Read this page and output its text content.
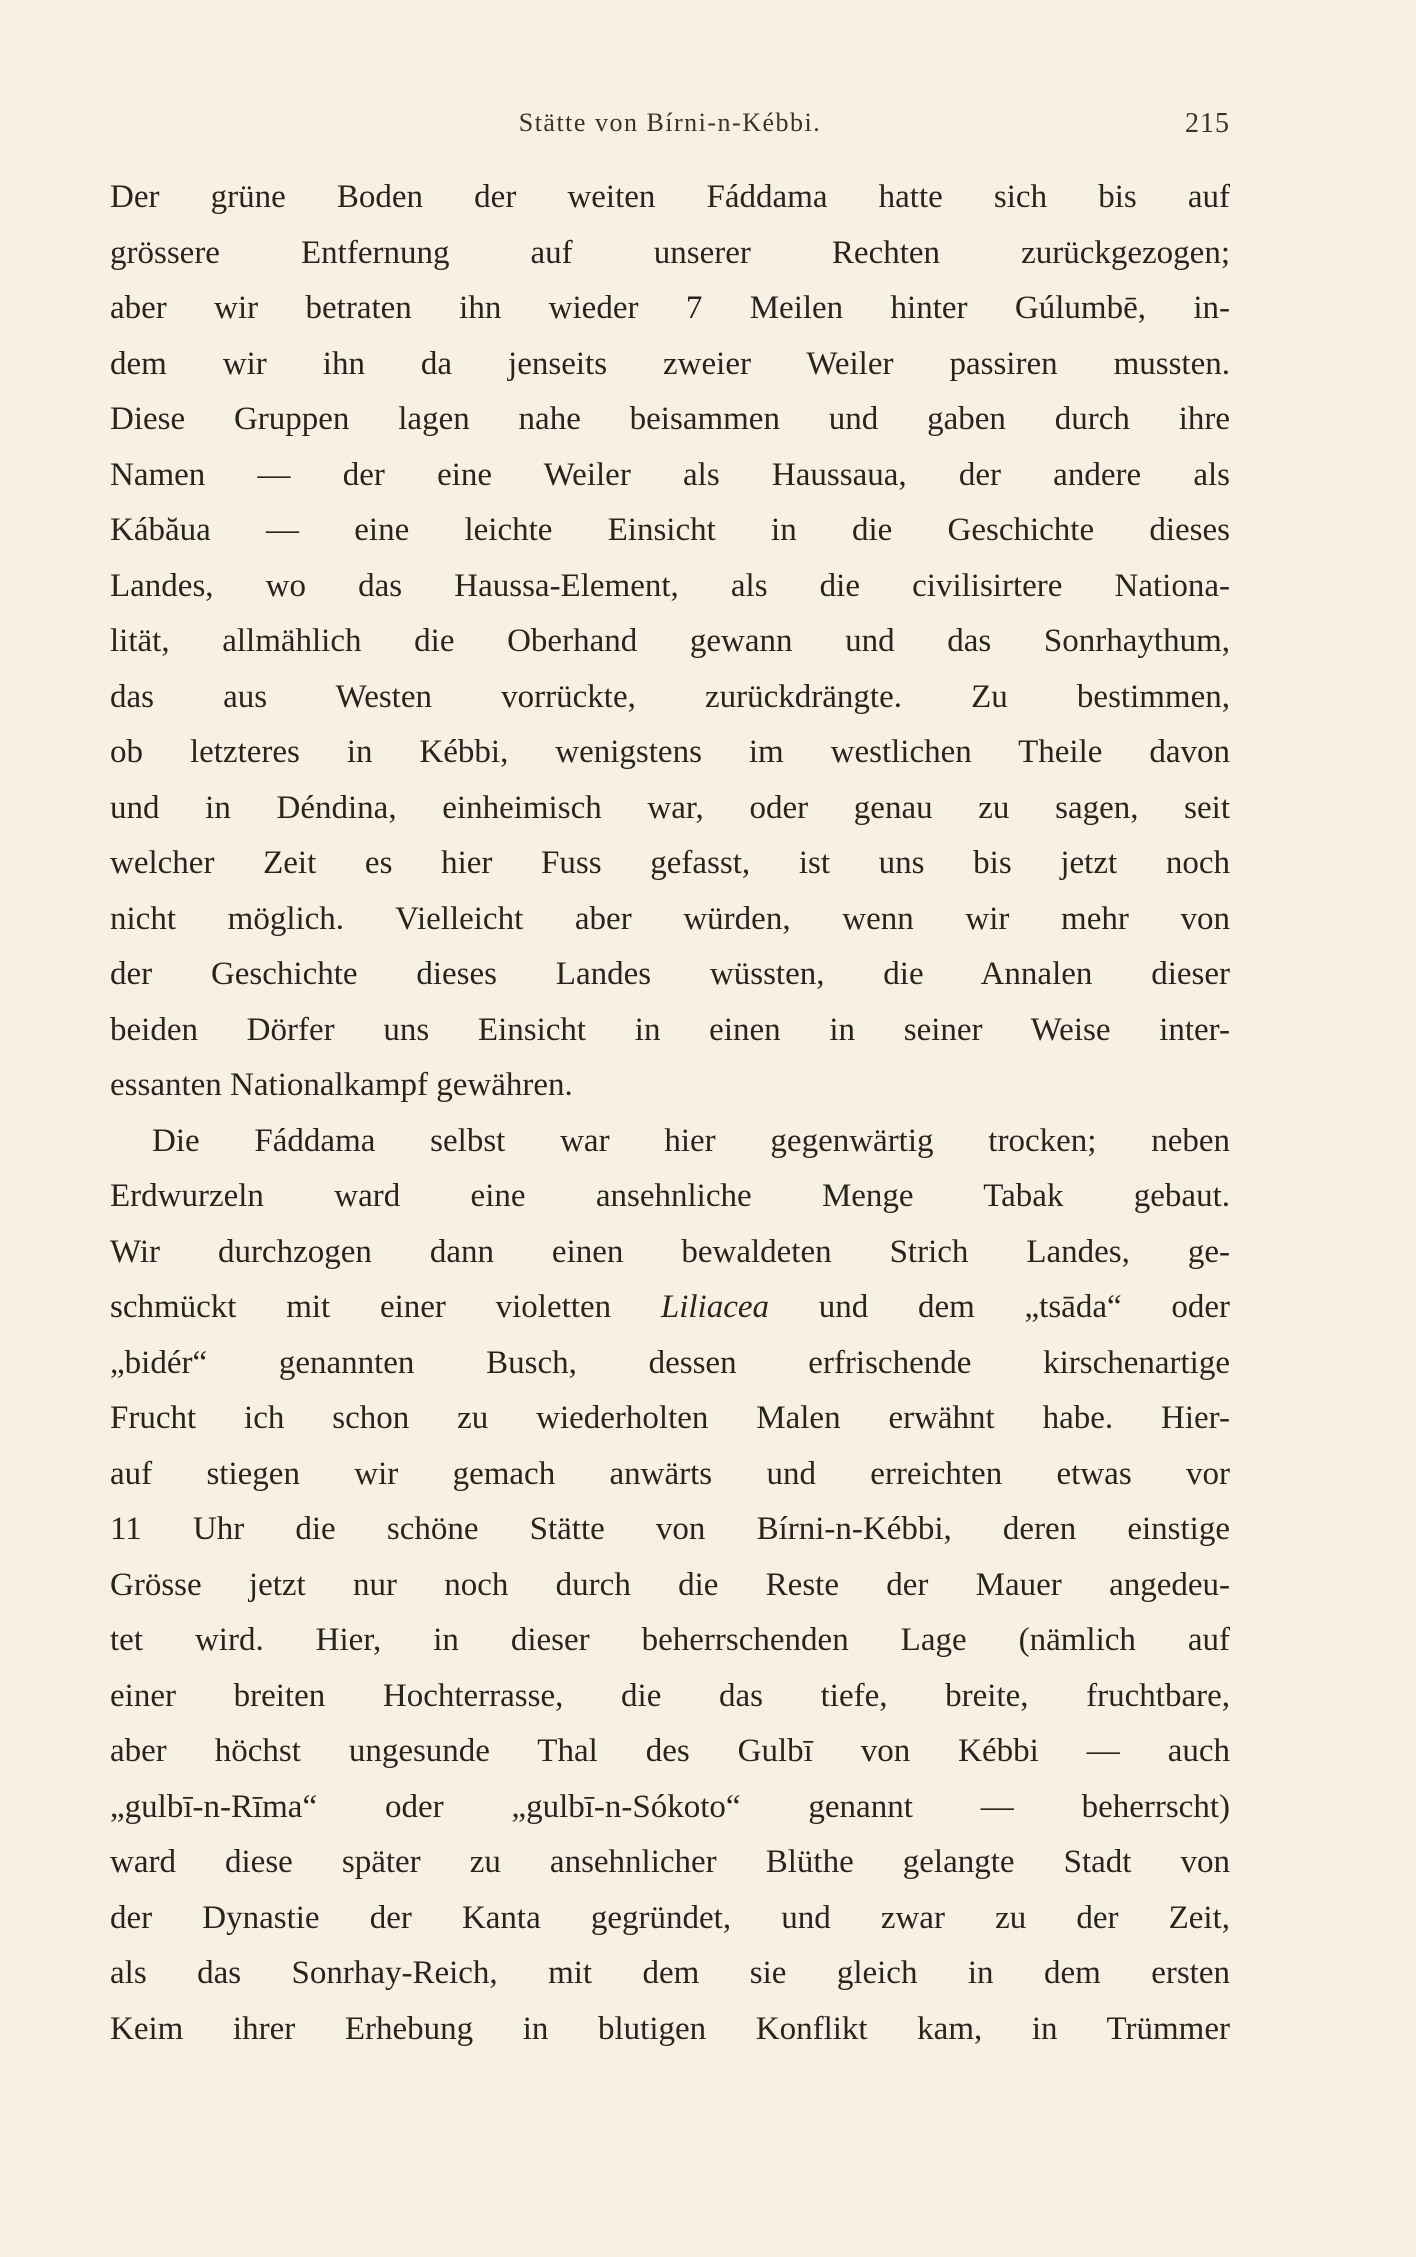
Stätte von Bírni-n-Kébbi.	215
Der grüne Boden der weiten Fáddama hatte sich bis auf
grössere Entfernung auf unserer Rechten zurückgezogen;
aber wir betraten ihn wieder 7 Meilen hinter Gúlumbē, in-
dem wir ihn da jenseits zweier Weiler passiren mussten.
Diese Gruppen lagen nahe beisammen und gaben durch ihre
Namen — der eine Weiler als Haussaua, der andere als
Kábăua — eine leichte Einsicht in die Geschichte dieses
Landes, wo das Haussa-Element, als die civilisirtere Nationa-
lität, allmählich die Oberhand gewann und das Sonrhaythum,
das aus Westen vorrückte, zurückdrängte. Zu bestimmen,
ob letzteres in Kébbi, wenigstens im westlichen Theile davon
und in Déndina, einheimisch war, oder genau zu sagen, seit
welcher Zeit es hier Fuss gefasst, ist uns bis jetzt noch
nicht möglich. Vielleicht aber würden, wenn wir mehr von
der Geschichte dieses Landes wüssten, die Annalen dieser
beiden Dörfer uns Einsicht in einen in seiner Weise inter-
essanten Nationalkampf gewähren.
Die Fáddama selbst war hier gegenwärtig trocken; neben
Erdwurzeln ward eine ansehnliche Menge Tabak gebaut.
Wir durchzogen dann einen bewaldeten Strich Landes, ge-
schmückt mit einer violetten Liliacea und dem „tsāda“ oder
„bidér“ genannten Busch, dessen erfrischende kirschenartige
Frucht ich schon zu wiederholten Malen erwähnt habe. Hier-
auf stiegen wir gemach anwärts und erreichten etwas vor
11 Uhr die schöne Stätte von Bírni-n-Kébbi, deren einstige
Grösse jetzt nur noch durch die Reste der Mauer angedeu-
tet wird. Hier, in dieser beherrschenden Lage (nämlich auf
einer breiten Hochterrasse, die das tiefe, breite, fruchtbare,
aber höchst ungesunde Thal des Gulbī von Kébbi — auch
„gulbī-n-Rīma“ oder „gulbī-n-Sókoto“ genannt — beherrscht)
ward diese später zu ansehnlicher Blüthe gelangte Stadt von
der Dynastie der Kanta gegründet, und zwar zu der Zeit,
als das Sonrhay-Reich, mit dem sie gleich in dem ersten
Keim ihrer Erhebung in blutigen Konflikt kam, in Trümmer
